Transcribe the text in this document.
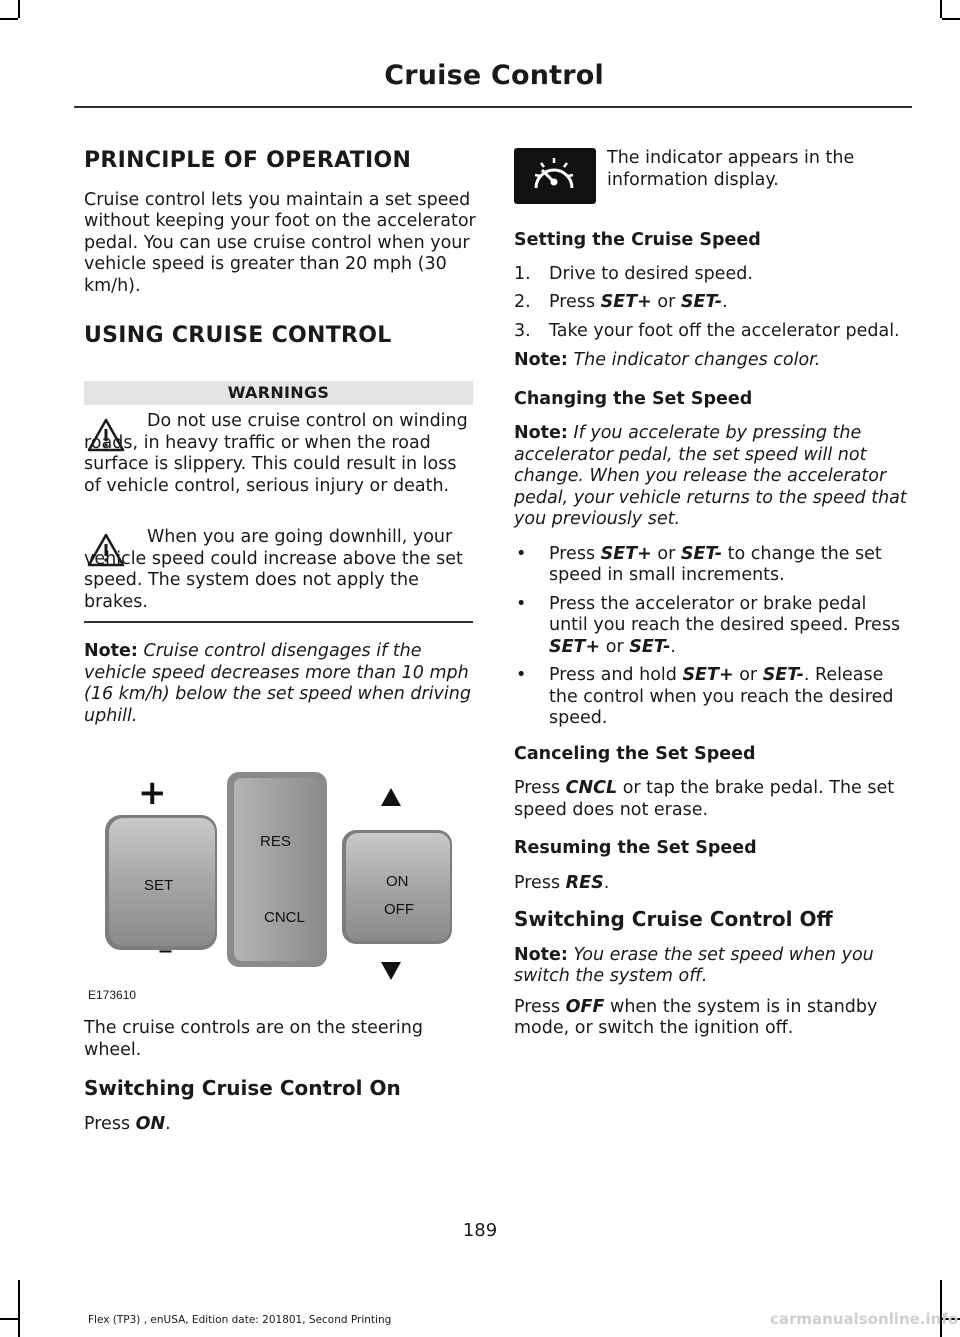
Cruise Control

PRINCIPLE OF OPERATION

Cruise control lets you maintain a set speed without keeping your foot on the accelerator pedal. You can use cruise control when your vehicle speed is greater than 20 mph (30 km/h).

USING CRUISE CONTROL

WARNINGS
Do not use cruise control on winding roads, in heavy traffic or when the road surface is slippery. This could result in loss of vehicle control, serious injury or death.
When you are going downhill, your vehicle speed could increase above the set speed. The system does not apply the brakes.

Note: Cruise control disengages if the vehicle speed decreases more than 10 mph (16 km/h) below the set speed when driving uphill.

+
SET
–
RES
CNCL
ON
OFF
E173610

The cruise controls are on the steering wheel.

Switching Cruise Control On

Press ON.

The indicator appears in the information display.

Setting the Cruise Speed

1. Drive to desired speed.
2. Press SET+ or SET-.
3. Take your foot off the accelerator pedal.

Note: The indicator changes color.

Changing the Set Speed

Note: If you accelerate by pressing the accelerator pedal, the set speed will not change. When you release the accelerator pedal, your vehicle returns to the speed that you previously set.

• Press SET+ or SET- to change the set speed in small increments.
• Press the accelerator or brake pedal until you reach the desired speed. Press SET+ or SET-.
• Press and hold SET+ or SET-. Release the control when you reach the desired speed.

Canceling the Set Speed

Press CNCL or tap the brake pedal. The set speed does not erase.

Resuming the Set Speed

Press RES.

Switching Cruise Control Off

Note: You erase the set speed when you switch the system off.

Press OFF when the system is in standby mode, or switch the ignition off.

189
Flex (TP3) , enUSA, Edition date: 201801, Second Printing	carmanualsonline.info
